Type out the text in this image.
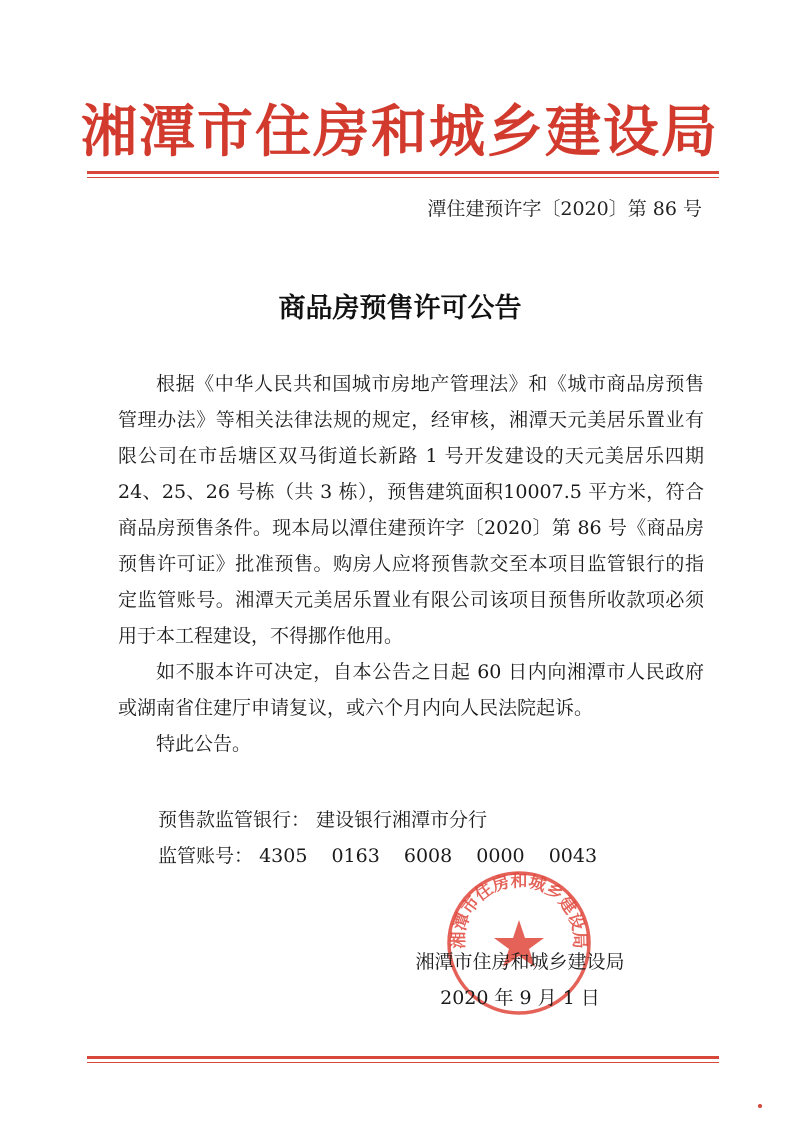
湘潭市住房和城乡建设局
潭住建预许字〔2020〕第 86 号
商品房预售许可公告

根据《中华人民共和国城市房地产管理法》和《城市商品房预售管理办法》等相关法律法规的规定，经审核，湘潭天元美居乐置业有限公司在市岳塘区双马街道长新路 1 号开发建设的天元美居乐四期 24、25、26 号栋（共 3 栋），预售建筑面积10007.5 平方米，符合商品房预售条件。现本局以潭住建预许字〔2020〕第 86 号《商品房预售许可证》批准预售。购房人应将预售款交至本项目监管银行的指定监管账号。湘潭天元美居乐置业有限公司该项目预售所收款项必须用于本工程建设，不得挪作他用。

如不服本许可决定，自本公告之日起 60 日内向湘潭市人民政府或湖南省住建厅申请复议，或六个月内向人民法院起诉。

特此公告。

预售款监管银行： 建设银行湘潭市分行
监管账号： 4305 0163 6008 0000 0043
湘潭市住房和城乡建设局
湘潭市住房和城乡建设局
2020 年 9 月 1 日
